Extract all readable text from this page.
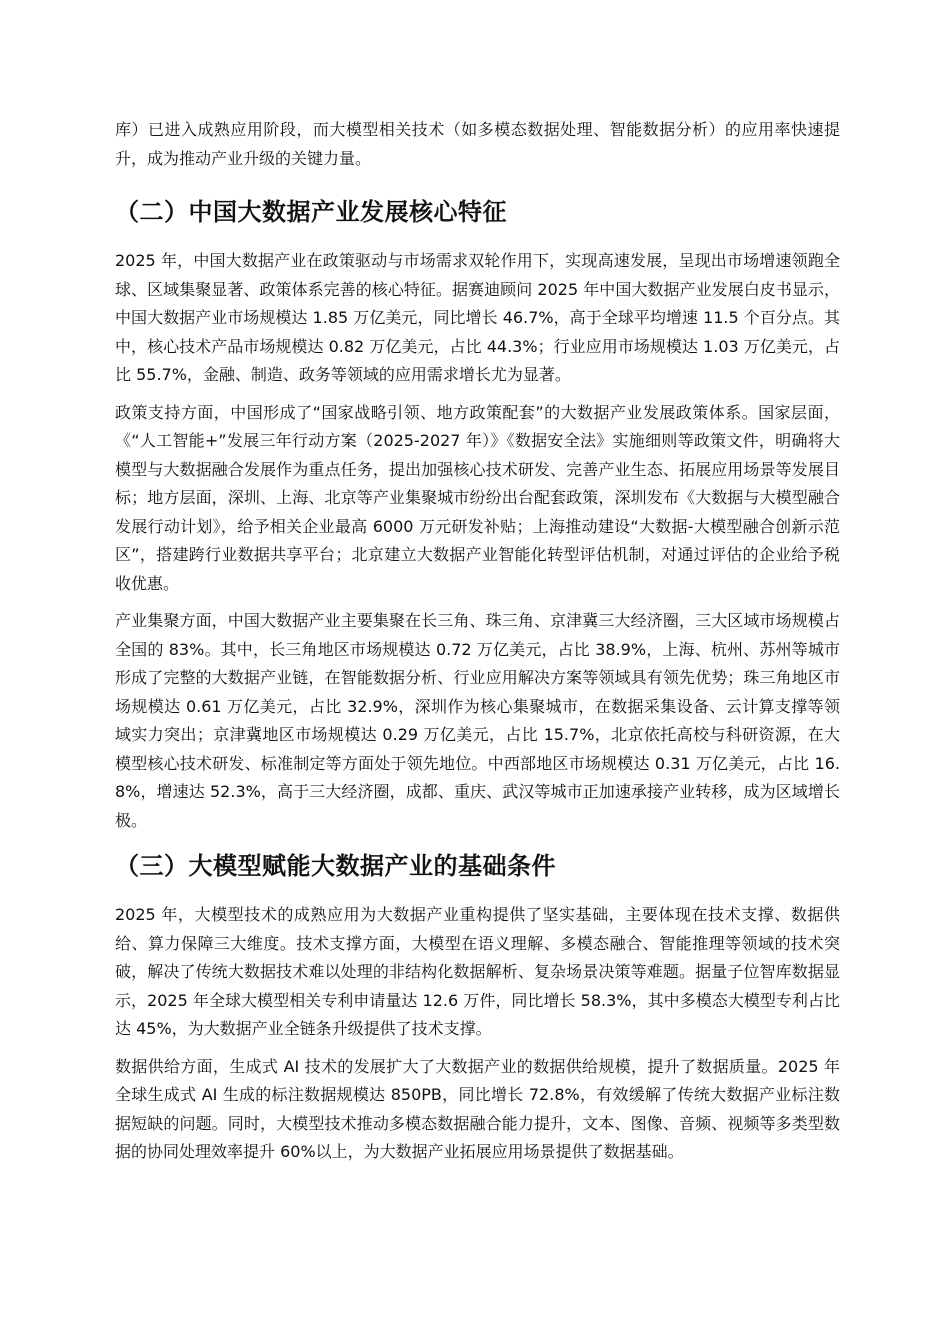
库）已进入成熟应用阶段，而大模型相关技术（如多模态数据处理、智能数据分析）的应用率快速提升，成为推动产业升级的关键力量。

（二）中国大数据产业发展核心特征

2025 年，中国大数据产业在政策驱动与市场需求双轮作用下，实现高速发展，呈现出市场增速领跑全球、区域集聚显著、政策体系完善的核心特征。据赛迪顾问 2025 年中国大数据产业发展白皮书显示，中国大数据产业市场规模达 1.85 万亿美元，同比增长 46.7%，高于全球平均增速 11.5 个百分点。其中，核心技术产品市场规模达 0.82 万亿美元，占比 44.3%；行业应用市场规模达 1.03 万亿美元，占比 55.7%，金融、制造、政务等领域的应用需求增长尤为显著。

政策支持方面，中国形成了“国家战略引领、地方政策配套”的大数据产业发展政策体系。国家层面，《“人工智能+”发展三年行动方案（2025-2027 年）》《数据安全法》实施细则等政策文件，明确将大模型与大数据融合发展作为重点任务，提出加强核心技术研发、完善产业生态、拓展应用场景等发展目标；地方层面，深圳、上海、北京等产业集聚城市纷纷出台配套政策，深圳发布《大数据与大模型融合发展行动计划》，给予相关企业最高 6000 万元研发补贴；上海推动建设“大数据-大模型融合创新示范区”，搭建跨行业数据共享平台；北京建立大数据产业智能化转型评估机制，对通过评估的企业给予税收优惠。

产业集聚方面，中国大数据产业主要集聚在长三角、珠三角、京津冀三大经济圈，三大区域市场规模占全国的 83%。其中，长三角地区市场规模达 0.72 万亿美元，占比 38.9%，上海、杭州、苏州等城市形成了完整的大数据产业链，在智能数据分析、行业应用解决方案等领域具有领先优势；珠三角地区市场规模达 0.61 万亿美元，占比 32.9%，深圳作为核心集聚城市，在数据采集设备、云计算支撑等领域实力突出；京津冀地区市场规模达 0.29 万亿美元，占比 15.7%，北京依托高校与科研资源，在大模型核心技术研发、标准制定等方面处于领先地位。中西部地区市场规模达 0.31 万亿美元，占比 16.8%，增速达 52.3%，高于三大经济圈，成都、重庆、武汉等城市正加速承接产业转移，成为区域增长极。

（三）大模型赋能大数据产业的基础条件

2025 年，大模型技术的成熟应用为大数据产业重构提供了坚实基础，主要体现在技术支撑、数据供给、算力保障三大维度。技术支撑方面，大模型在语义理解、多模态融合、智能推理等领域的技术突破，解决了传统大数据技术难以处理的非结构化数据解析、复杂场景决策等难题。据量子位智库数据显示，2025 年全球大模型相关专利申请量达 12.6 万件，同比增长 58.3%，其中多模态大模型专利占比达 45%，为大数据产业全链条升级提供了技术支撑。

数据供给方面，生成式 AI 技术的发展扩大了大数据产业的数据供给规模，提升了数据质量。2025 年全球生成式 AI 生成的标注数据规模达 850PB，同比增长 72.8%，有效缓解了传统大数据产业标注数据短缺的问题。同时，大模型技术推动多模态数据融合能力提升，文本、图像、音频、视频等多类型数据的协同处理效率提升 60%以上，为大数据产业拓展应用场景提供了数据基础。
